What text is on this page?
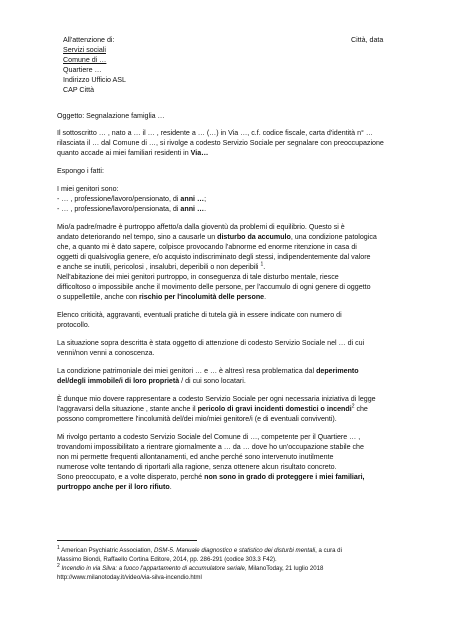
All'attenzione di:	Città, data
Servizi sociali
Comune di …
Quartiere …
Indirizzo Ufficio ASL
CAP Città
Oggetto: Segnalazione famiglia …
Il sottoscritto … , nato a … il … , residente a … (…) in Via …, c.f. codice fiscale, carta d'identità n° …
rilasciata il … dal Comune di …, si rivolge a codesto Servizio Sociale per segnalare con preoccupazione
quanto accade ai miei familiari residenti in Via…
Espongo i fatti:
I miei genitori sono:
- … , professione/lavoro/pensionato, di anni …;
- … , professione/lavoro/pensionata, di anni ….
Mio/a padre/madre è purtroppo affetto/a dalla gioventù da problemi di equilibrio. Questo si è
andato deteriorando nel tempo, sino a causarle un disturbo da accumulo, una condizione patologica
che, a quanto mi è dato sapere, colpisce provocando l'abnorme ed enorme ritenzione in casa di
oggetti di qualsivoglia genere, e/o acquisto indiscriminato degli stessi, indipendentemente dal valore
e anche se inutili, pericolosi , insalubri, deperibili o non deperibili $^1$.
Nell'abitazione dei miei genitori purtroppo, in conseguenza di tale disturbo mentale, riesce
difficoltoso o impossibile anche il movimento delle persone, per l'accumulo di ogni genere di oggetto
o suppellettile, anche con rischio per l'incolumità delle persone.
Elenco criticità, aggravanti, eventuali pratiche di tutela già in essere indicate con numero di
protocollo.
La situazione sopra descritta è stata oggetto di attenzione di codesto Servizio Sociale nel … di cui
venni/non venni a conoscenza.
La condizione patrimoniale dei miei genitori … e … è altresì resa problematica dal deperimento
del/degli immobile/i di loro proprietà / di cui sono locatari.
È dunque mio dovere rappresentare a codesto Servizio Sociale per ogni necessaria iniziativa di legge
l'aggravarsi della situazione , stante anche il pericolo di gravi incidenti domestici o incendi$^2$ che
possono compromettere l'incolumità del/dei mio/miei genitore/i (e di eventuali conviventi).
Mi rivolgo pertanto a codesto Servizio Sociale del Comune di …, competente per il Quartiere … ,
trovandomi impossibilitato a rientrare giornalmente a … da … dove ho un'occupazione stabile che
non mi permette frequenti allontanamenti, ed anche perché sono intervenuto inutilmente
numerose volte tentando di riportarli alla ragione, senza ottenere alcun risultato concreto.
Sono preoccupato, e a volte disperato, perché non sono in grado di proteggere i miei familiari,
purtroppo anche per il loro rifiuto.
$^1$ American Psychiatric Association, DSM-5. Manuale diagnostico e statistico dei disturbi mentali, a cura di
Massimo Biondi, Raffaello Cortina Editore, 2014, pp. 286-291 (codice 303.3 F42).
$^2$ Incendio in via Silva: a fuoco l'appartamento di accumulatore seriale, MilanoToday, 21 luglio 2018
http://www.milanotoday.it/video/via-silva-incendio.html
